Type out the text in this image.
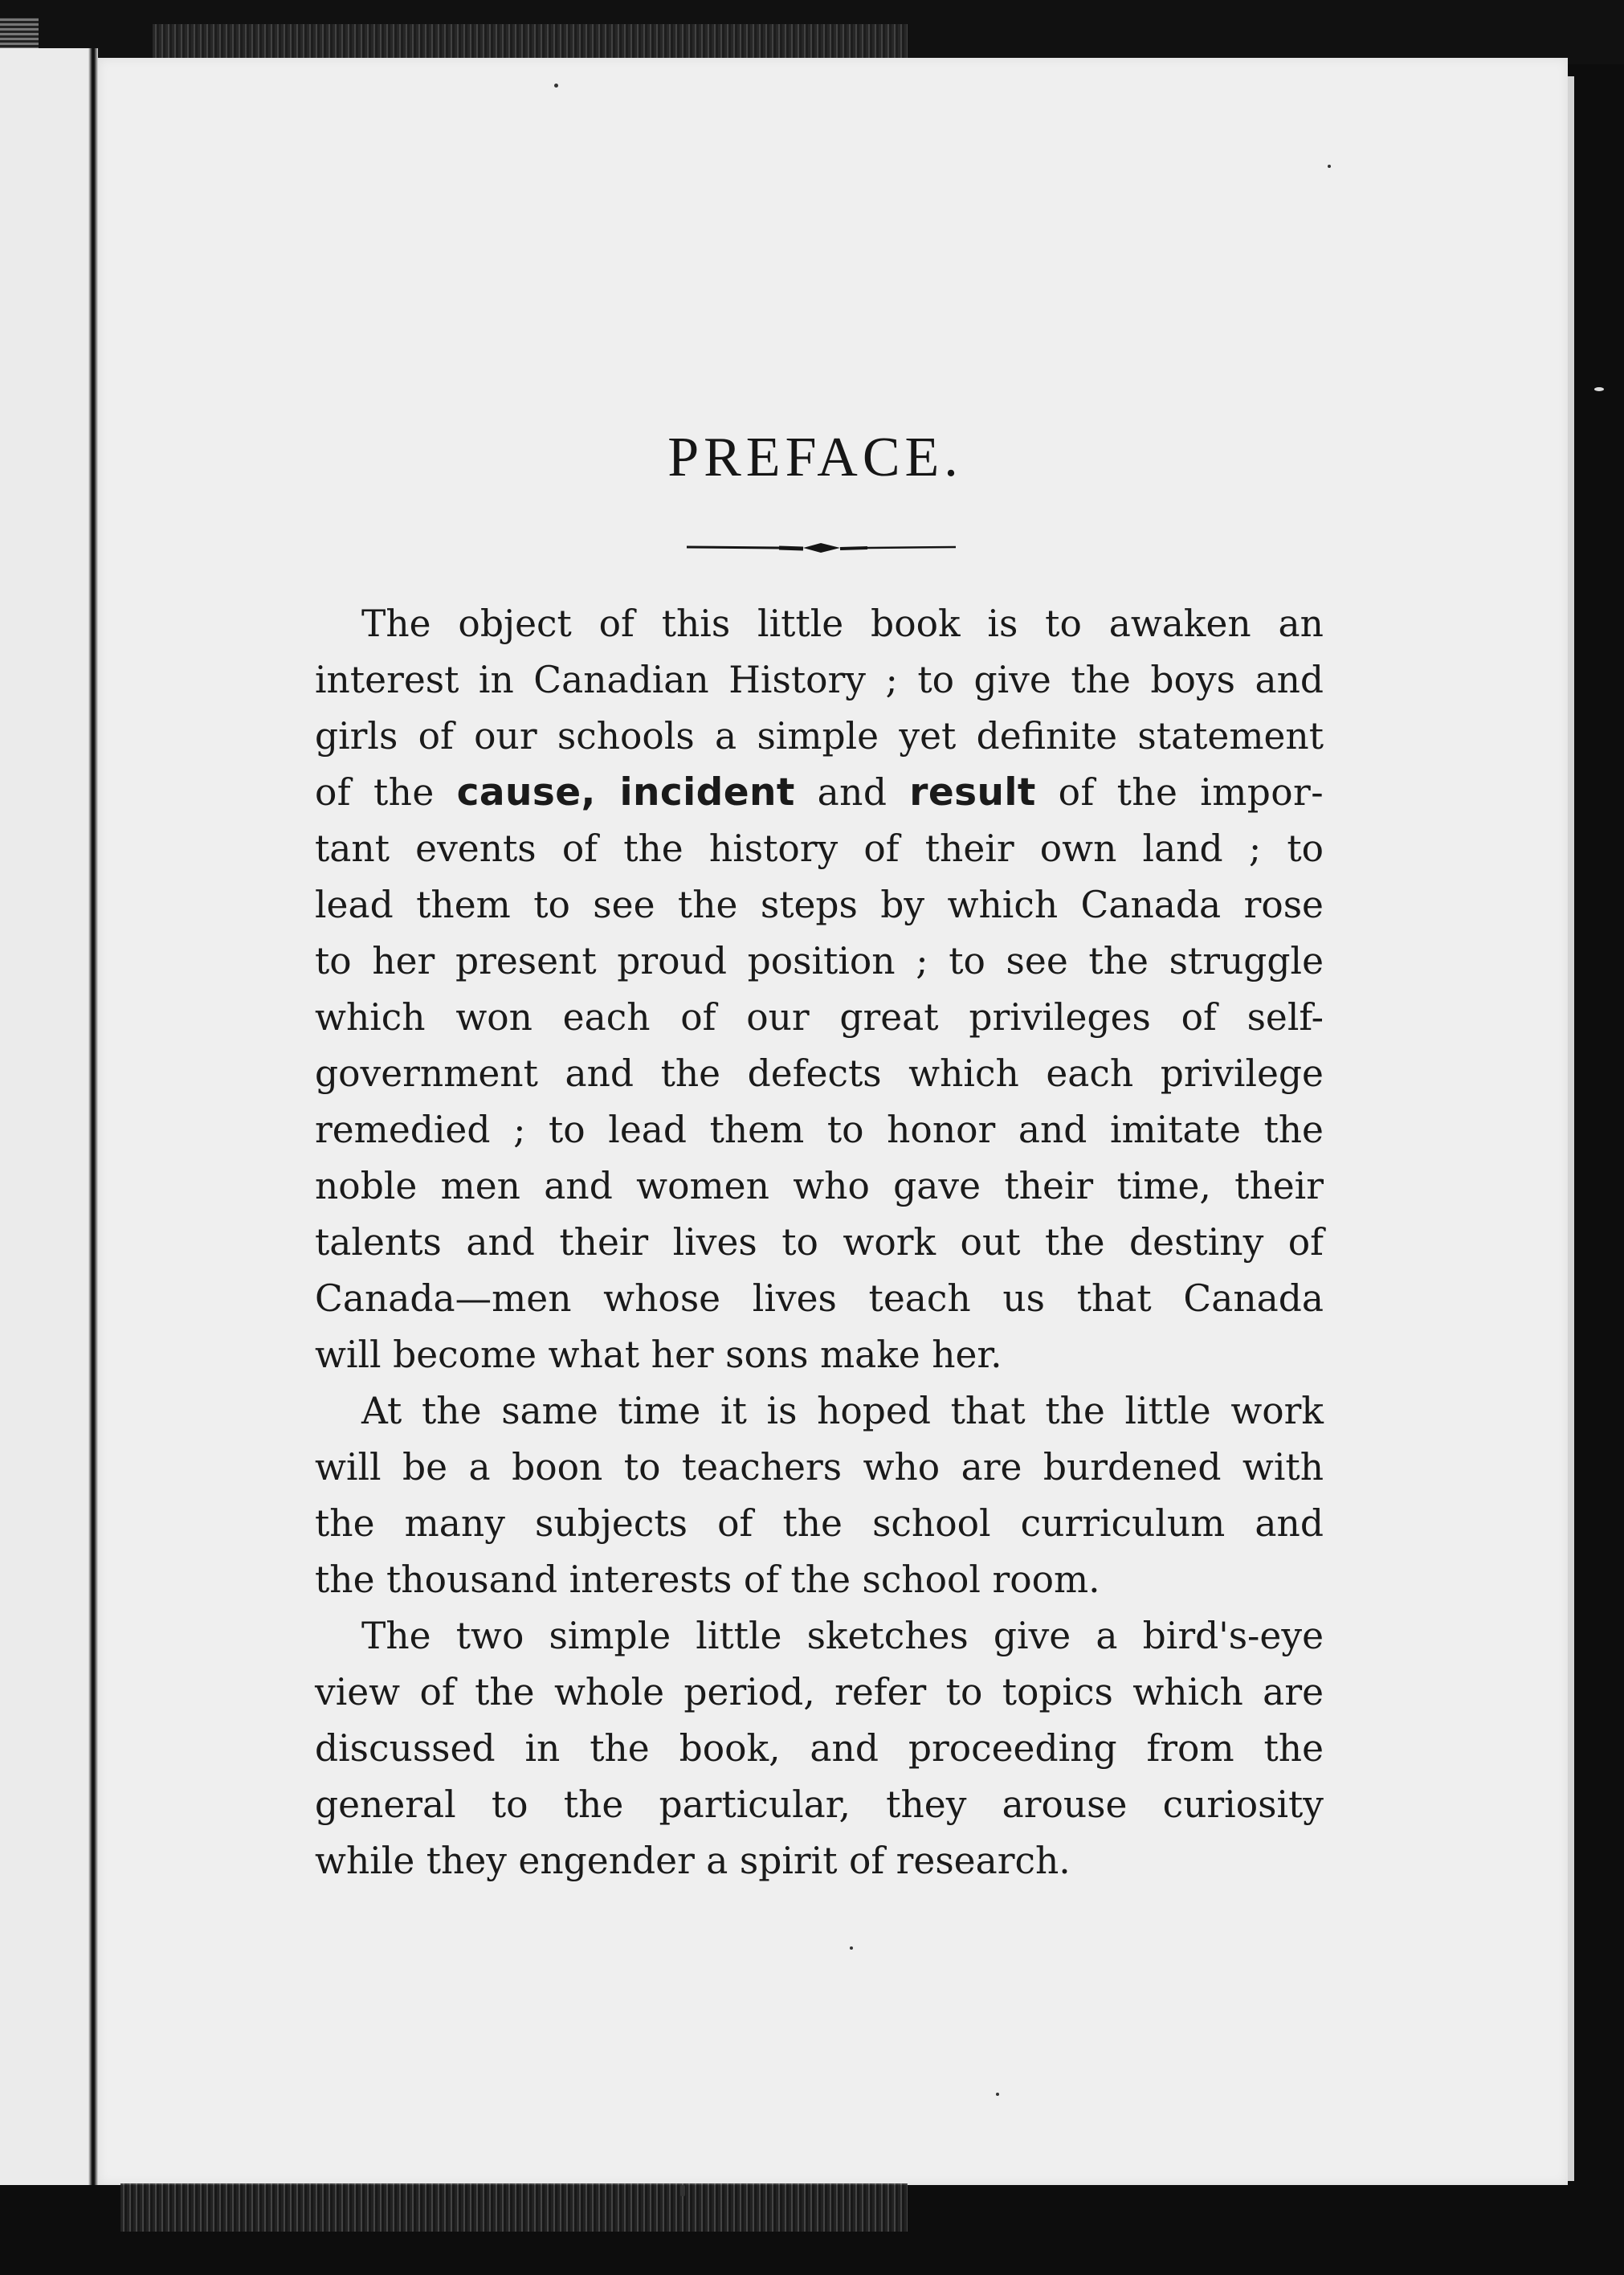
PREFACE.
The object of this little book is to awaken an
interest in Canadian History ; to give the boys and
girls of our schools a simple yet definite statement
of the cause, incident and result of the impor-
tant events of the history of their own land ; to
lead them to see the steps by which Canada rose
to her present proud position ; to see the struggle
which won each of our great privileges of self-
government and the defects which each privilege
remedied ; to lead them to honor and imitate the
noble men and women who gave their time, their
talents and their lives to work out the destiny of
Canada—men whose lives teach us that Canada
will become what her sons make her.
At the same time it is hoped that the little work
will be a boon to teachers who are burdened with
the many subjects of the school curriculum and
the thousand interests of the school room.
The two simple little sketches give a bird's-eye
view of the whole period, refer to topics which are
discussed in the book, and proceeding from the
general to the particular, they arouse curiosity
while they engender a spirit of research.
